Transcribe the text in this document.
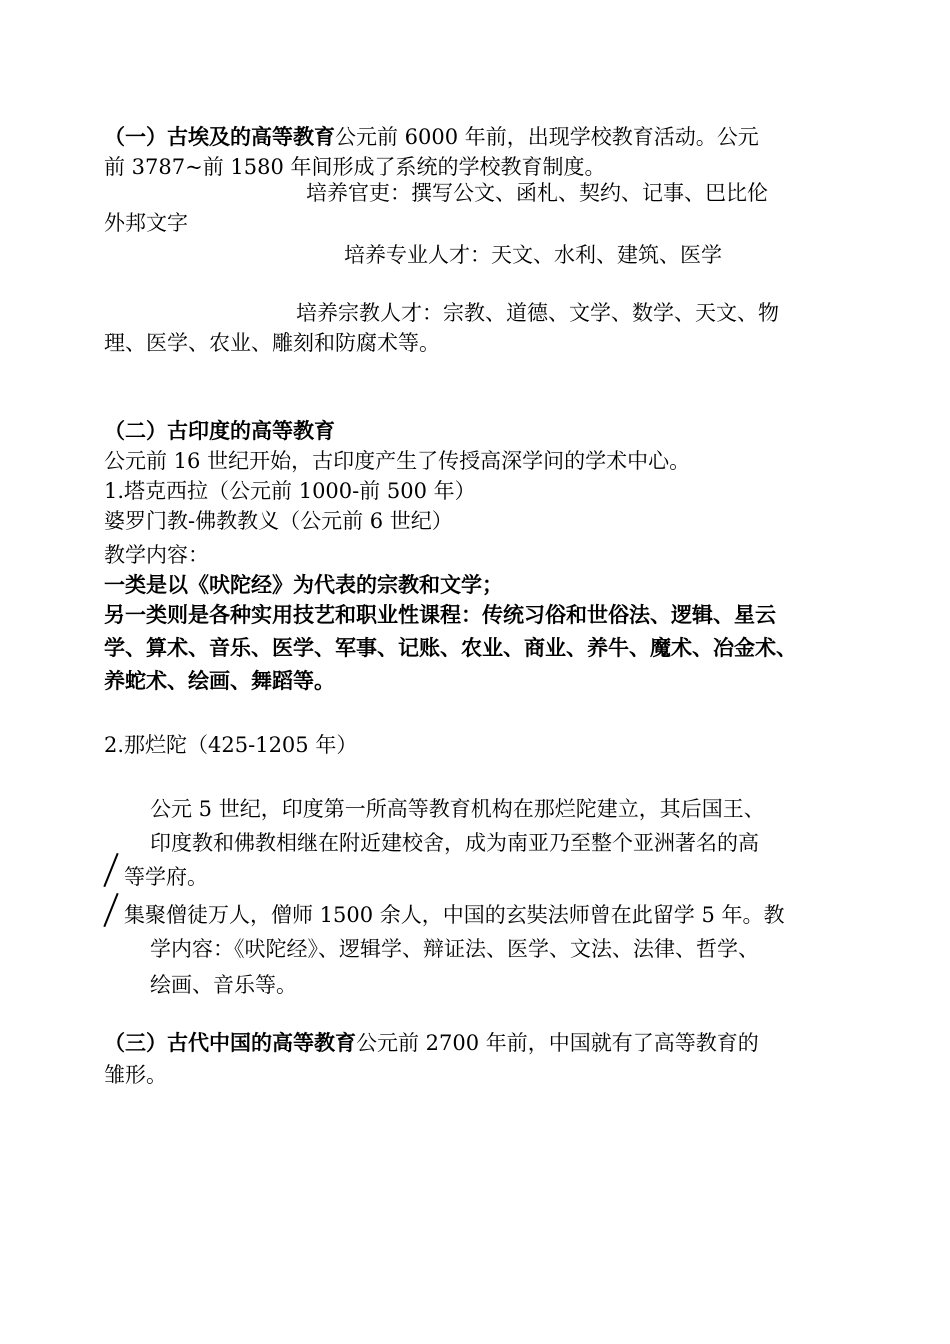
（一）古埃及的高等教育公元前 6000 年前，出现学校教育活动。公元
前 3787~前 1580 年间形成了系统的学校教育制度。
培养官吏：撰写公文、函札、契约、记事、巴比伦
外邦文字
培养专业人才：天文、水利、建筑、医学
培养宗教人才：宗教、道德、文学、数学、天文、物
理、医学、农业、雕刻和防腐术等。
（二）古印度的高等教育
公元前 16 世纪开始，古印度产生了传授高深学问的学术中心。
1.塔克西拉（公元前 1000-前 500 年）
婆罗门教-佛教教义（公元前 6 世纪）
教学内容：
一类是以《吠陀经》为代表的宗教和文学；
另一类则是各种实用技艺和职业性课程：传统习俗和世俗法、逻辑、星云
学、算术、音乐、医学、军事、记账、农业、商业、养牛、魔术、冶金术、
养蛇术、绘画、舞蹈等。
2.那烂陀（425-1205 年）
公元 5 世纪，印度第一所高等教育机构在那烂陀建立，其后国王、
印度教和佛教相继在附近建校舍，成为南亚乃至整个亚洲著名的高
等学府。
集聚僧徒万人，僧师 1500 余人，中国的玄奘法师曾在此留学 5 年。教
学内容：《吠陀经》、逻辑学、辩证法、医学、文法、法律、哲学、
绘画、音乐等。
（三）古代中国的高等教育公元前 2700 年前，中国就有了高等教育的
雏形。
